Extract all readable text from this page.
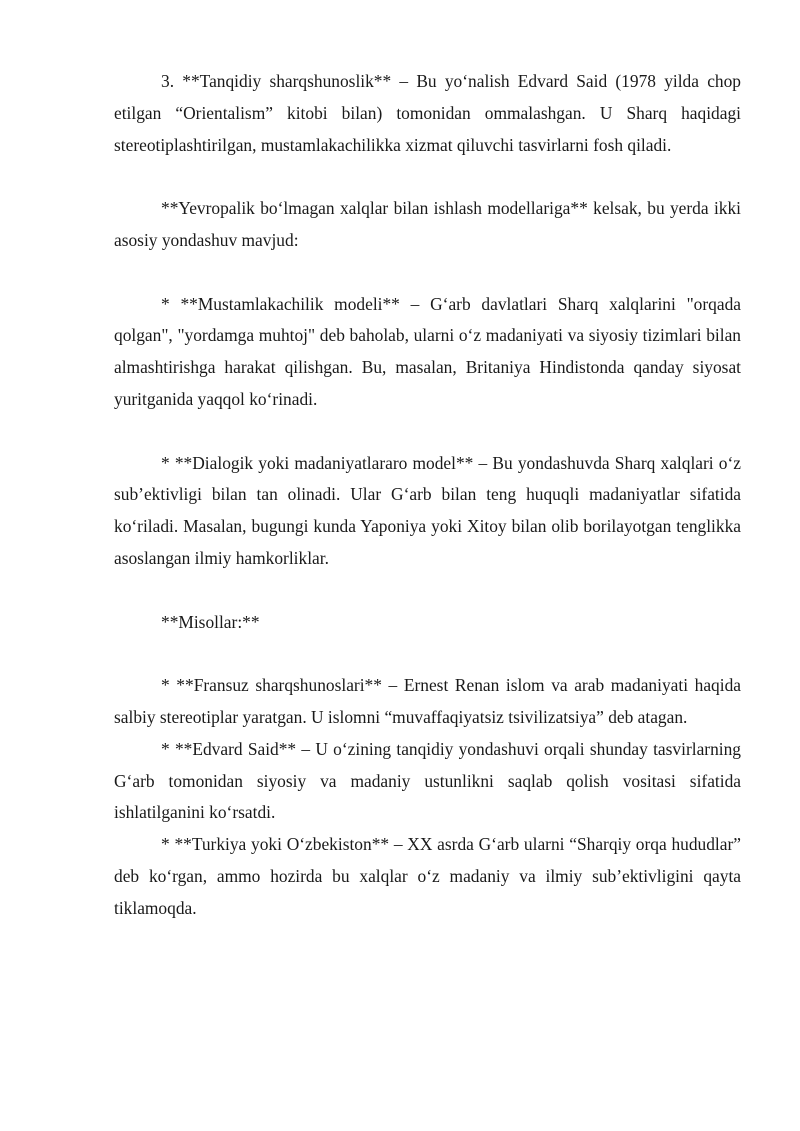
3. **Tanqidiy sharqshunoslik** – Bu yo‘nalish Edvard Said (1978 yilda chop etilgan “Orientalism” kitobi bilan) tomonidan ommalashgan. U Sharq haqidagi stereotiplashtirilgan, mustamlakachilikka xizmat qiluvchi tasvirlarni fosh qiladi.

**Yevropalik bo‘lmagan xalqlar bilan ishlash modellariga** kelsak, bu yerda ikki asosiy yondashuv mavjud:

* **Mustamlakachilik modeli** – G‘arb davlatlari Sharq xalqlarini "orqada qolgan", "yordamga muhtoj" deb baholab, ularni o‘z madaniyati va siyosiy tizimlari bilan almashtirishga harakat qilishgan. Bu, masalan, Britaniya Hindistonda qanday siyosat yuritganida yaqqol ko‘rinadi.

* **Dialogik yoki madaniyatlararo model** – Bu yondashuvda Sharq xalqlari o‘z sub’ektivligi bilan tan olinadi. Ular G‘arb bilan teng huquqli madaniyatlar sifatida ko‘riladi. Masalan, bugungi kunda Yaponiya yoki Xitoy bilan olib borilayotgan tenglikka asoslangan ilmiy hamkorliklar.

**Misollar:**

* **Fransuz sharqshunoslari** – Ernest Renan islom va arab madaniyati haqida salbiy stereotiplar yaratgan. U islomni “muvaffaqiyatsiz tsivilizatsiya” deb atagan.

* **Edvard Said** – U o‘zining tanqidiy yondashuvi orqali shunday tasvirlarning G‘arb tomonidan siyosiy va madaniy ustunlikni saqlab qolish vositasi sifatida ishlatilganini ko‘rsatdi.

* **Turkiya yoki O‘zbekiston** – XX asrda G‘arb ularni “Sharqiy orqa hududlar” deb ko‘rgan, ammo hozirda bu xalqlar o‘z madaniy va ilmiy sub’ektivligini qayta tiklamoqda.
